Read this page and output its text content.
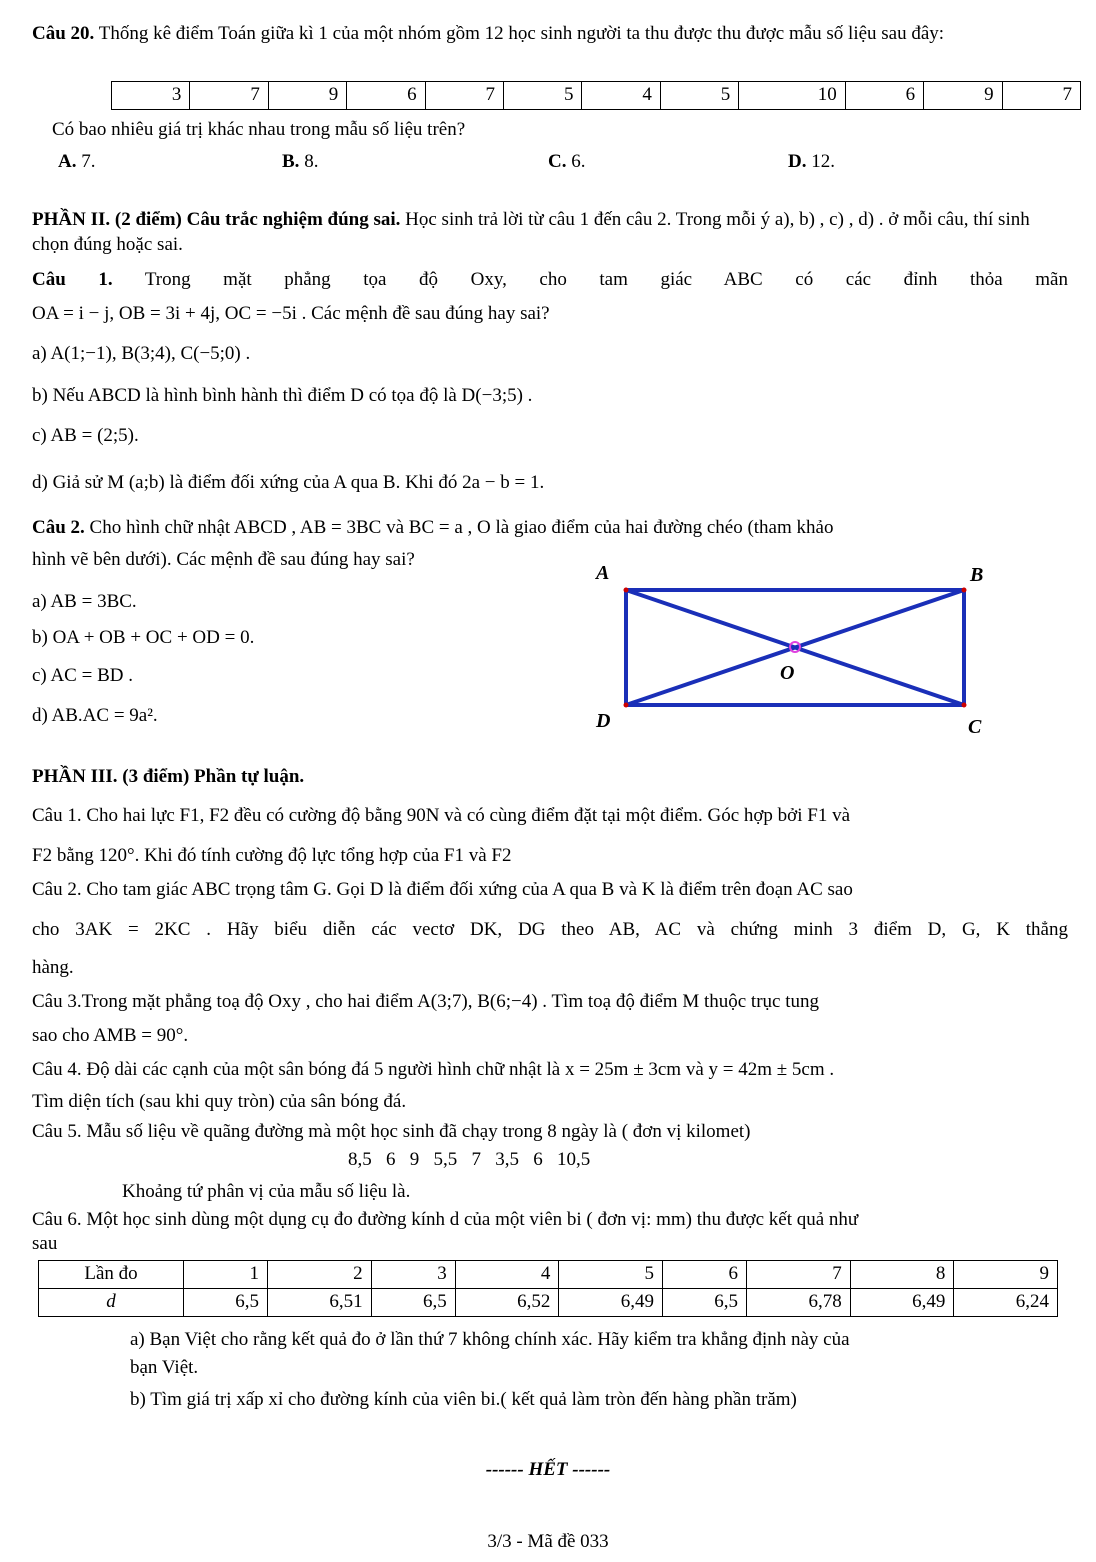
Câu 20. Thống kê điểm Toán giữa kì 1 của một nhóm gồm 12 học sinh người ta thu được thu được mẫu số liệu sau đây:
3	7	9	6	7	5	4	5	10	6	9	7
Có bao nhiêu giá trị khác nhau trong mẫu số liệu trên?
A. 7.	B. 8.	C. 6.	D. 12.
PHẦN II. (2 điểm) Câu trắc nghiệm đúng sai. Học sinh trả lời từ câu 1 đến câu 2. Trong mỗi ý a), b) , c) , d) . ở mỗi câu, thí sinh chọn đúng hoặc sai.
Câu 1. Trong mặt phẳng tọa độ Oxy, cho tam giác ABC có các đỉnh thỏa mãn
OA = i − j, OB = 3i + 4j, OC = −5i . Các mệnh đề sau đúng hay sai?
a) A(1;−1), B(3;4), C(−5;0) .
b) Nếu ABCD là hình bình hành thì điểm D có tọa độ là D(−3;5) .
c) AB = (2;5).
d) Giả sử M (a;b) là điểm đối xứng của A qua B. Khi đó 2a − b = 1.
Câu 2. Cho hình chữ nhật ABCD , AB = 3BC và BC = a , O là giao điểm của hai đường chéo (tham khảo
hình vẽ bên dưới). Các mệnh đề sau đúng hay sai?
a) AB = 3BC.
b) OA + OB + OC + OD = 0.
c) AC = BD .
d) AB.AC = 9a².
A	B
C
D
O
PHẦN III. (3 điểm) Phần tự luận.
Câu 1. Cho hai lực F1, F2 đều có cường độ bằng 90N và có cùng điểm đặt tại một điểm. Góc hợp bởi F1 và
F2 bằng 120°. Khi đó tính cường độ lực tổng hợp của F1 và F2
Câu 2. Cho tam giác ABC trọng tâm G. Gọi D là điểm đối xứng của A qua B và K là điểm trên đoạn AC sao
cho 3AK = 2KC . Hãy biểu diễn các vectơ DK, DG theo AB, AC và chứng minh 3 điểm D, G, K thẳng
hàng.
Câu 3.Trong mặt phẳng toạ độ Oxy , cho hai điểm A(3;7), B(6;−4) . Tìm toạ độ điểm M thuộc trục tung
sao cho AMB = 90°.
Câu 4. Độ dài các cạnh của một sân bóng đá 5 người hình chữ nhật là x = 25m ± 3cm và y = 42m ± 5cm .
Tìm diện tích (sau khi quy tròn) của sân bóng đá.
Câu 5. Mẫu số liệu về quãng đường mà một học sinh đã chạy trong 8 ngày là ( đơn vị kilomet)
8,5   6   9   5,5   7   3,5   6   10,5
Khoảng tứ phân vị của mẫu số liệu là.
Câu 6. Một học sinh dùng một dụng cụ đo đường kính d của một viên bi ( đơn vị: mm) thu được kết quả như
sau
Lần đo	1	2	3	4	5	6	7	8	9
d	6,5	6,51	6,5	6,52	6,49	6,5	6,78	6,49	6,24
a) Bạn Việt cho rằng kết quả đo ở lần thứ 7 không chính xác. Hãy kiểm tra khẳng định này của
bạn Việt.
b) Tìm giá trị xấp xỉ cho đường kính của viên bi.( kết quả làm tròn đến hàng phần trăm)
------ HẾT ------
3/3 - Mã đề 033
